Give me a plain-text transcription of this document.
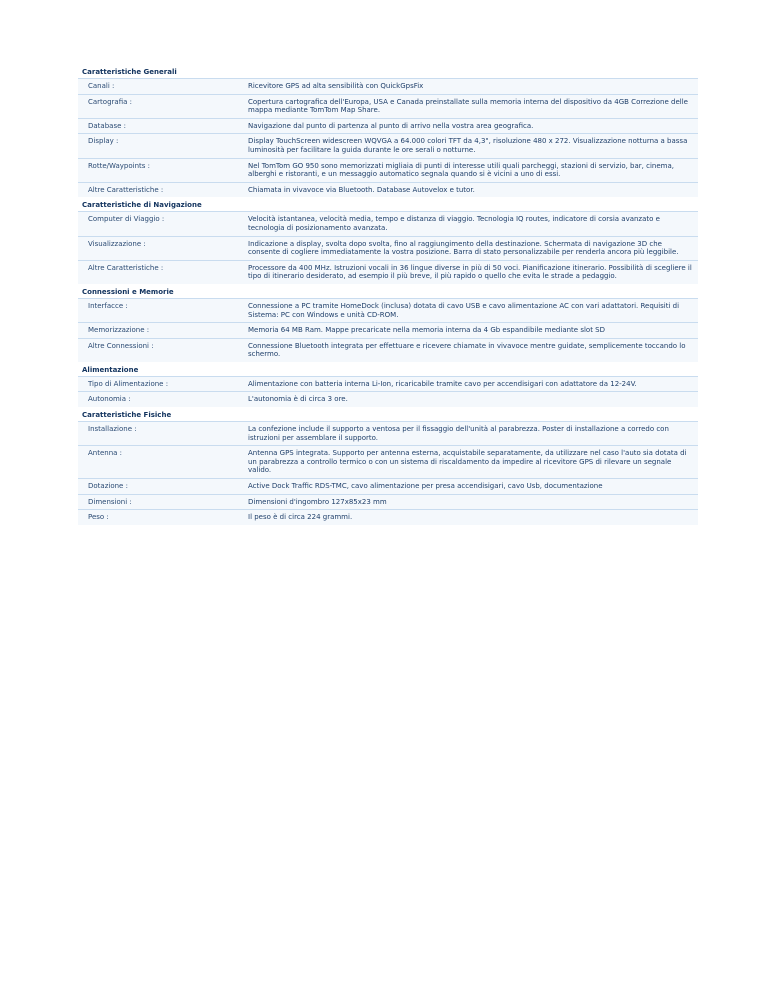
Caratteristiche Generali
Canali :	Ricevitore GPS ad alta sensibilità con QuickGpsFix
Cartografia :	Copertura cartografica dell'Europa, USA e Canada preinstallate sulla memoria interna del dispositivo da 4GB Correzione delle mappa mediante TomTom Map Share.
Database :	Navigazione dal punto di partenza al punto di arrivo nella vostra area geografica.
Display :	Display TouchScreen widescreen WQVGA a 64.000 colori TFT da 4,3", risoluzione 480 x 272. Visualizzazione notturna a bassa luminosità per facilitare la guida durante le ore serali o notturne.
Rotte/Waypoints :	Nel TomTom GO 950 sono memorizzati migliaia di punti di interesse utili quali parcheggi, stazioni di servizio, bar, cinema, alberghi e ristoranti, e un messaggio automatico segnala quando si è vicini a uno di essi.
Altre Caratteristiche :	Chiamata in vivavoce via Bluetooth. Database Autovelox e tutor.
Caratteristiche di Navigazione
Computer di Viaggio :	Velocità istantanea, velocità media, tempo e distanza di viaggio. Tecnologia IQ routes, indicatore di corsia avanzato e tecnologia di posizionamento avanzata.
Visualizzazione :	Indicazione a display, svolta dopo svolta, fino al raggiungimento della destinazione. Schermata di navigazione 3D che consente di cogliere immediatamente la vostra posizione. Barra di stato personalizzabile per renderla ancora più leggibile.
Altre Caratteristiche :	Processore da 400 MHz. Istruzioni vocali in 36 lingue diverse in più di 50 voci. Pianificazione itinerario. Possibilità di scegliere il tipo di itinerario desiderato, ad esempio il più breve, il più rapido o quello che evita le strade a pedaggio.
Connessioni e Memorie
Interfacce :	Connessione a PC tramite HomeDock (inclusa) dotata di cavo USB e cavo alimentazione AC con vari adattatori. Requisiti di Sistema: PC con Windows e unità CD-ROM.
Memorizzazione :	Memoria 64 MB Ram. Mappe precaricate nella memoria interna da 4 Gb espandibile mediante slot SD
Altre Connessioni :	Connessione Bluetooth integrata per effettuare e ricevere chiamate in vivavoce mentre guidate, semplicemente toccando lo schermo.
Alimentazione
Tipo di Alimentazione :	Alimentazione con batteria interna Li-Ion, ricaricabile tramite cavo per accendisigari con adattatore da 12-24V.
Autonomia :	L'autonomia è di circa 3 ore.
Caratteristiche Fisiche
Installazione :	La confezione include il supporto a ventosa per il fissaggio dell'unità al parabrezza. Poster di installazione a corredo con istruzioni per assemblare il supporto.
Antenna :	Antenna GPS integrata. Supporto per antenna esterna, acquistabile separatamente, da utilizzare nel caso l'auto sia dotata di un parabrezza a controllo termico o con un sistema di riscaldamento da impedire al ricevitore GPS di rilevare un segnale valido.
Dotazione :	Active Dock Traffic RDS-TMC, cavo alimentazione per presa accendisigari, cavo Usb, documentazione
Dimensioni :	Dimensioni d'ingombro 127x85x23 mm
Peso :	Il peso è di circa 224 grammi.
